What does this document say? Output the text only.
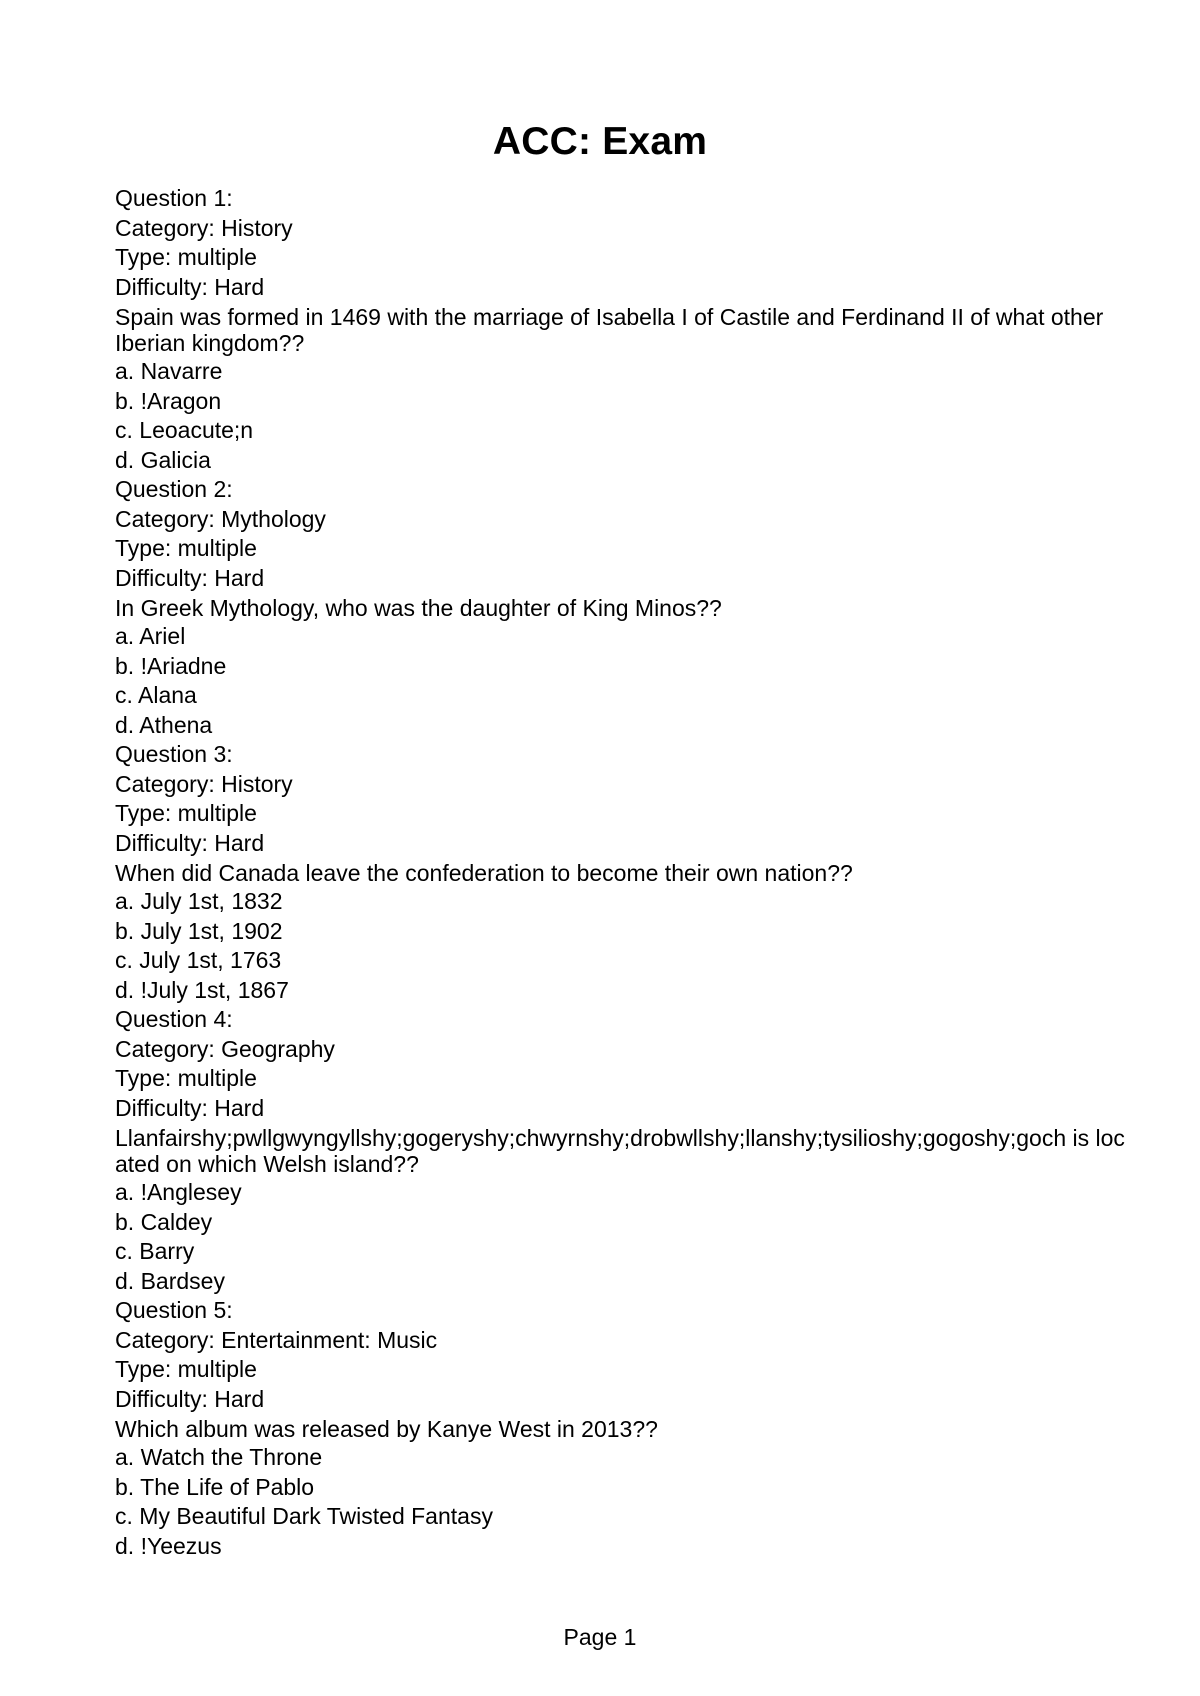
ACC: Exam
Question 1:
Category: History
Type: multiple
Difficulty: Hard
Spain was formed in 1469 with the marriage of Isabella I of Castile and Ferdinand II of what other Iberian kingdom??
a. Navarre
b. !Aragon
c. Leoacute;n
d. Galicia
Question 2:
Category: Mythology
Type: multiple
Difficulty: Hard
In Greek Mythology, who was the daughter of King Minos??
a. Ariel
b. !Ariadne
c. Alana
d. Athena
Question 3:
Category: History
Type: multiple
Difficulty: Hard
When did Canada leave the confederation to become their own nation??
a. July 1st, 1832
b. July 1st, 1902
c. July 1st, 1763
d. !July 1st, 1867
Question 4:
Category: Geography
Type: multiple
Difficulty: Hard
Llanfairshy;pwllgwyngyllshy;gogeryshy;chwyrnshy;drobwllshy;llanshy;tysilioshy;gogoshy;goch is located on which Welsh island??
a. !Anglesey
b. Caldey
c. Barry
d. Bardsey
Question 5:
Category: Entertainment: Music
Type: multiple
Difficulty: Hard
Which album was released by Kanye West in 2013??
a. Watch the Throne
b. The Life of Pablo
c. My Beautiful Dark Twisted Fantasy
d. !Yeezus
Page 1
